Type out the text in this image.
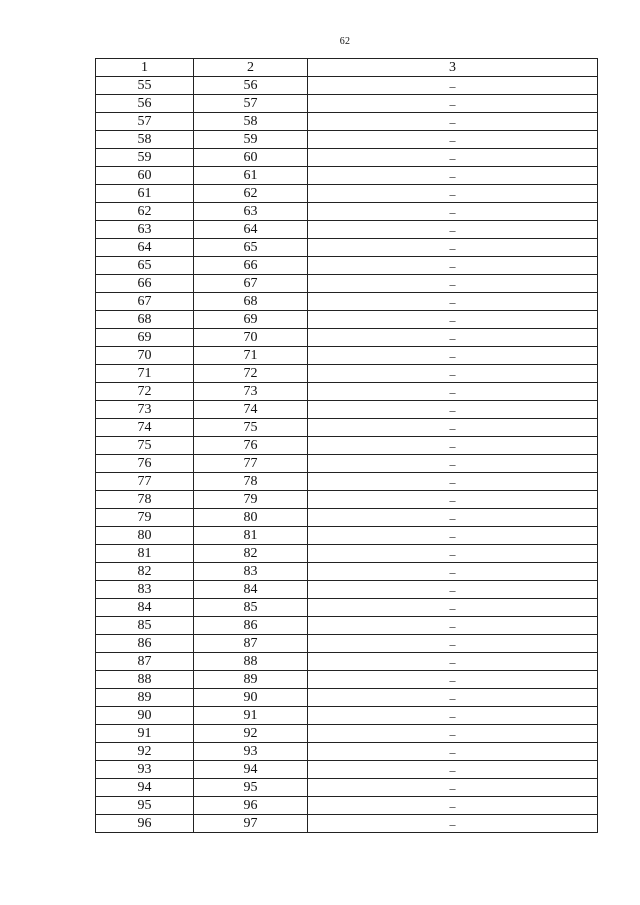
62
1	2	3
55	56	–
56	57	–
57	58	–
58	59	–
59	60	–
60	61	–
61	62	–
62	63	–
63	64	–
64	65	–
65	66	–
66	67	–
67	68	–
68	69	–
69	70	–
70	71	–
71	72	–
72	73	–
73	74	–
74	75	–
75	76	–
76	77	–
77	78	–
78	79	–
79	80	–
80	81	–
81	82	–
82	83	–
83	84	–
84	85	–
85	86	–
86	87	–
87	88	–
88	89	–
89	90	–
90	91	–
91	92	–
92	93	–
93	94	–
94	95	–
95	96	–
96	97	–
